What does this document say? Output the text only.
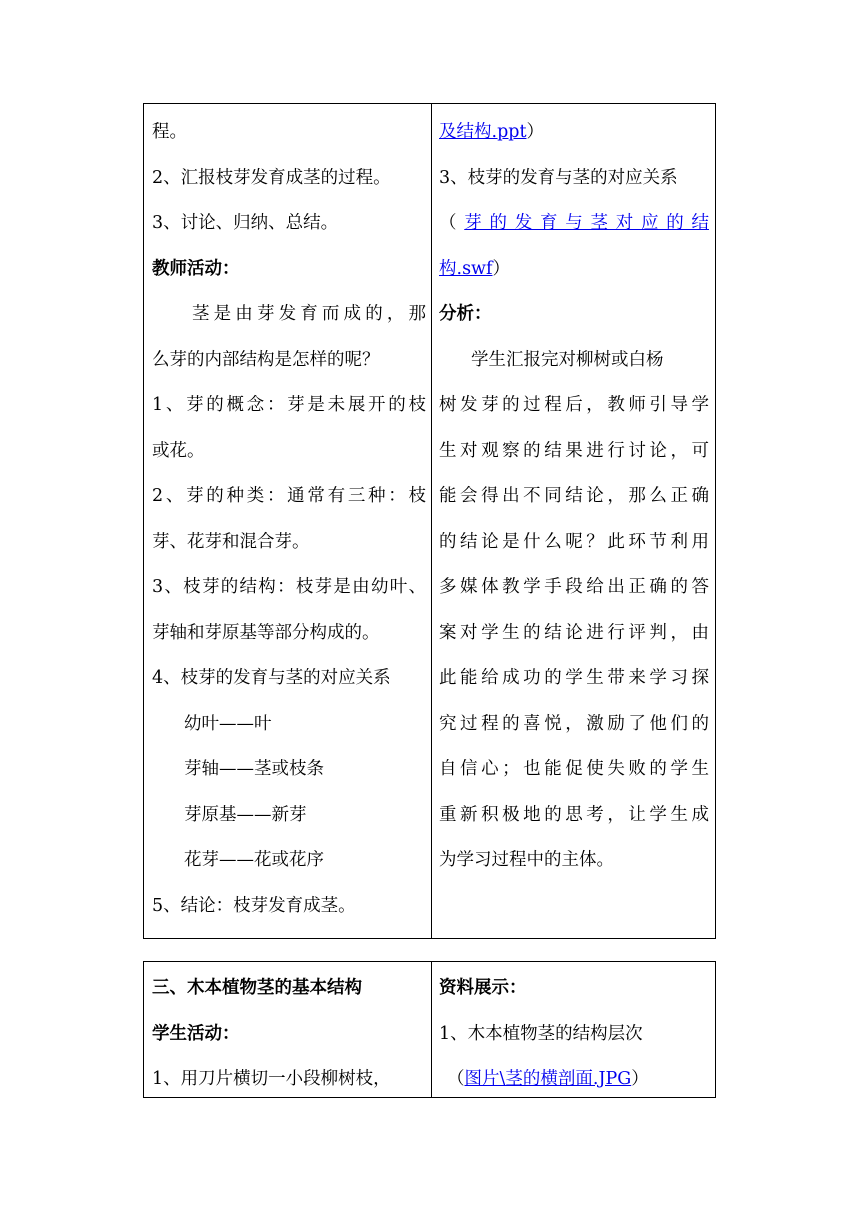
程。
2、汇报枝芽发育成茎的过程。
3、讨论、归纳、总结。
教师活动：
茎是由芽发育而成的，那
么芽的内部结构是怎样的呢？
1、芽的概念：芽是未展开的枝
或花。
2、芽的种类：通常有三种：枝
芽、花芽和混合芽。
3、枝芽的结构：枝芽是由幼叶、
芽轴和芽原基等部分构成的。
4、枝芽的发育与茎的对应关系
幼叶——叶
芽轴——茎或枝条
芽原基——新芽
花芽——花或花序
5、结论：枝芽发育成茎。
及结构.ppt）
3、枝芽的发育与茎的对应关系
（芽的发育与茎对应的结
构.swf）
分析：
学生汇报完对柳树或白杨
树发芽的过程后，教师引导学
生对观察的结果进行讨论，可
能会得出不同结论，那么正确
的结论是什么呢？此环节利用
多媒体教学手段给出正确的答
案对学生的结论进行评判，由
此能给成功的学生带来学习探
究过程的喜悦，激励了他们的
自信心；也能促使失败的学生
重新积极地的思考，让学生成
为学习过程中的主体。
三、木本植物茎的基本结构
学生活动：
1、用刀片横切一小段柳树枝，
资料展示：
1、木本植物茎的结构层次
（图片\茎的横剖面.JPG）
